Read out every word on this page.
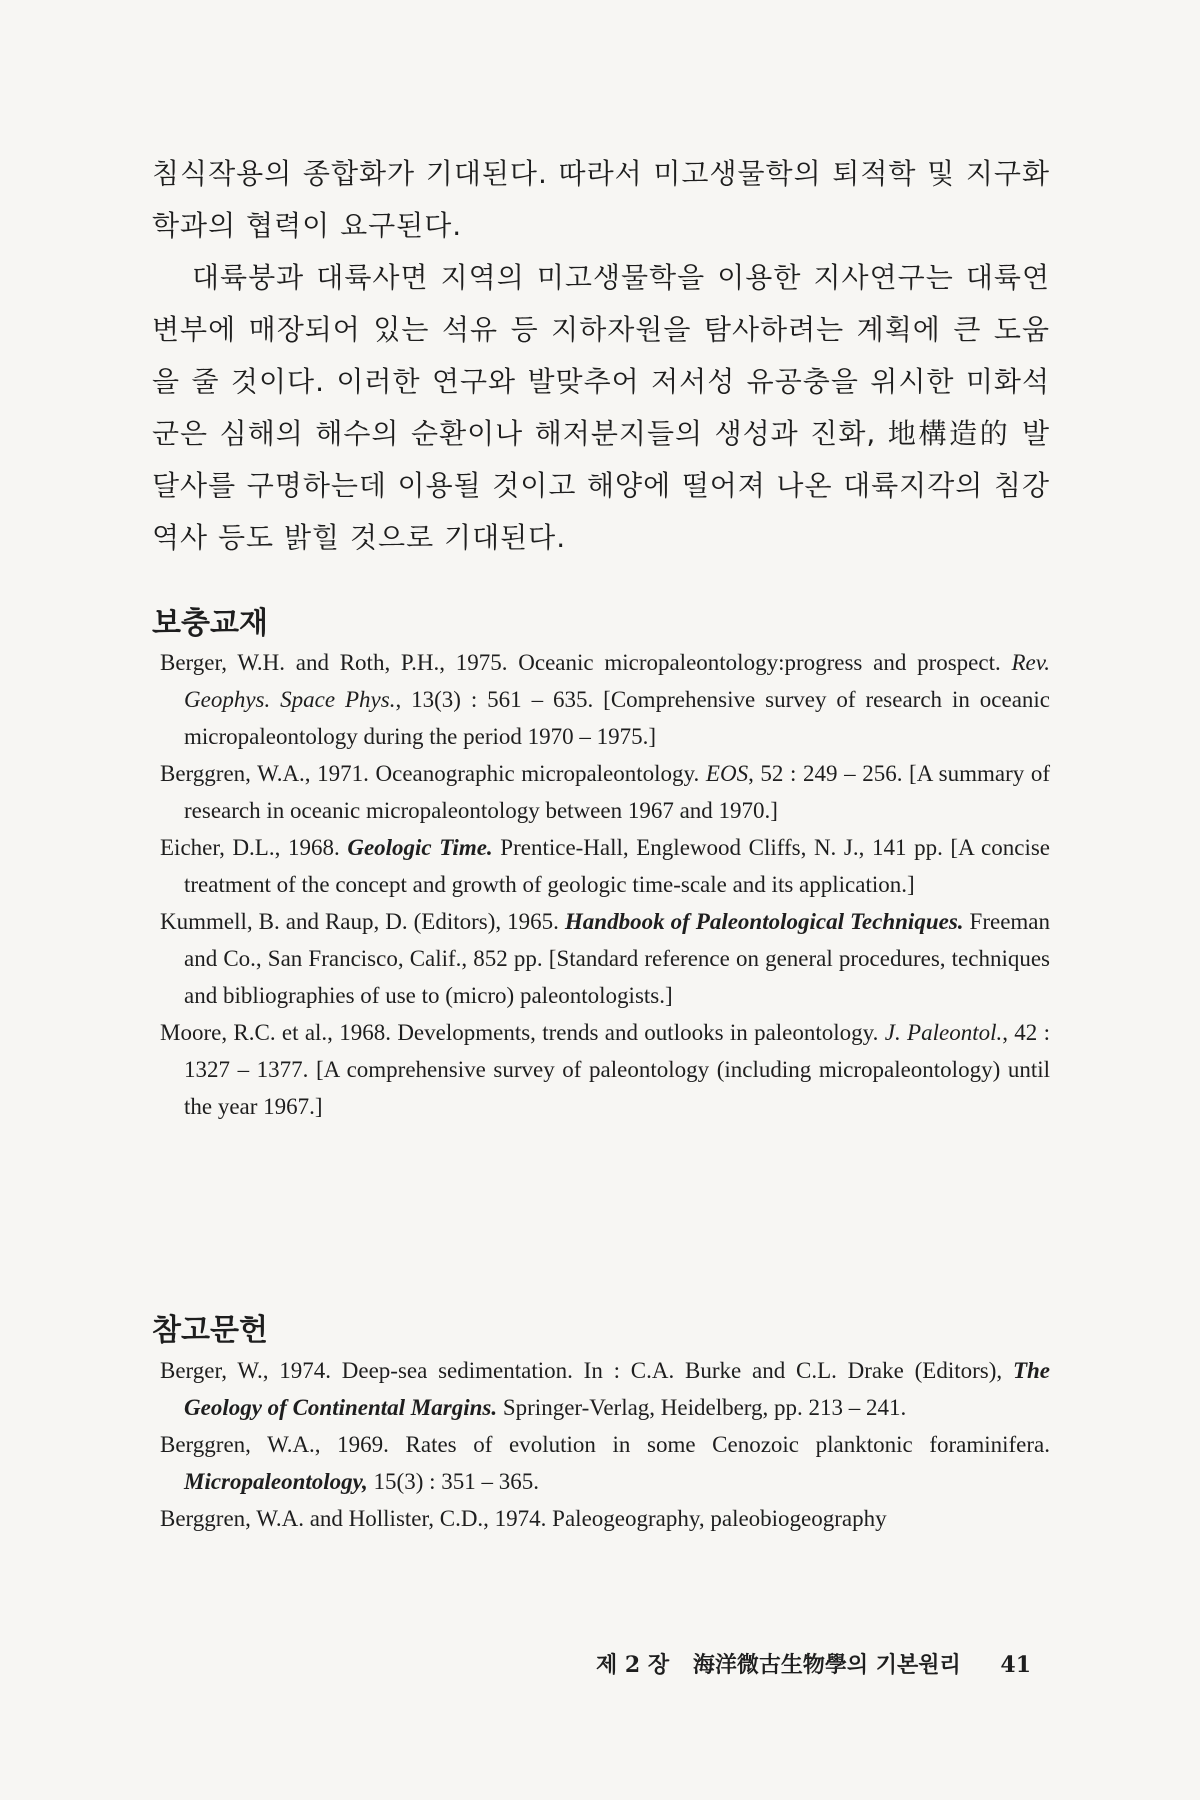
침식작용의 종합화가 기대된다. 따라서 미고생물학의 퇴적학 및 지구화학과의 협력이 요구된다.

대륙붕과 대륙사면 지역의 미고생물학을 이용한 지사연구는 대륙연변부에 매장되어 있는 석유 등 지하자원을 탐사하려는 계획에 큰 도움을 줄 것이다. 이러한 연구와 발맞추어 저서성 유공충을 위시한 미화석군은 심해의 해수의 순환이나 해저분지들의 생성과 진화, 地構造的 발달사를 구명하는데 이용될 것이고 해양에 떨어져 나온 대륙지각의 침강역사 등도 밝힐 것으로 기대된다.

보충교재
Berger, W.H. and Roth, P.H., 1975. Oceanic micropaleontology:progress and prospect. Rev. Geophys. Space Phys., 13(3) : 561 – 635. [Comprehensive survey of research in oceanic micropaleontology during the period 1970 – 1975.]
Berggren, W.A., 1971. Oceanographic micropaleontology. EOS, 52 : 249 – 256. [A summary of research in oceanic micropaleontology between 1967 and 1970.]
Eicher, D.L., 1968. Geologic Time. Prentice-Hall, Englewood Cliffs, N. J., 141 pp. [A concise treatment of the concept and growth of geologic time-scale and its application.]
Kummell, B. and Raup, D. (Editors), 1965. Handbook of Paleontological Techniques. Freeman and Co., San Francisco, Calif., 852 pp. [Standard reference on general procedures, techniques and bibliographies of use to (micro) paleontologists.]
Moore, R.C. et al., 1968. Developments, trends and outlooks in paleontology. J. Paleontol., 42 : 1327 – 1377. [A comprehensive survey of paleontology (including micropaleontology) until the year 1967.]
참고문헌
Berger, W., 1974. Deep-sea sedimentation. In : C.A. Burke and C.L. Drake (Editors), The Geology of Continental Margins. Springer-Verlag, Heidelberg, pp. 213 – 241.
Berggren, W.A., 1969. Rates of evolution in some Cenozoic planktonic foraminifera. Micropaleontology, 15(3) : 351 – 365.
Berggren, W.A. and Hollister, C.D., 1974. Paleogeography, paleobiogeography
제 2 장 海洋微古生物學의 기본원리 41
